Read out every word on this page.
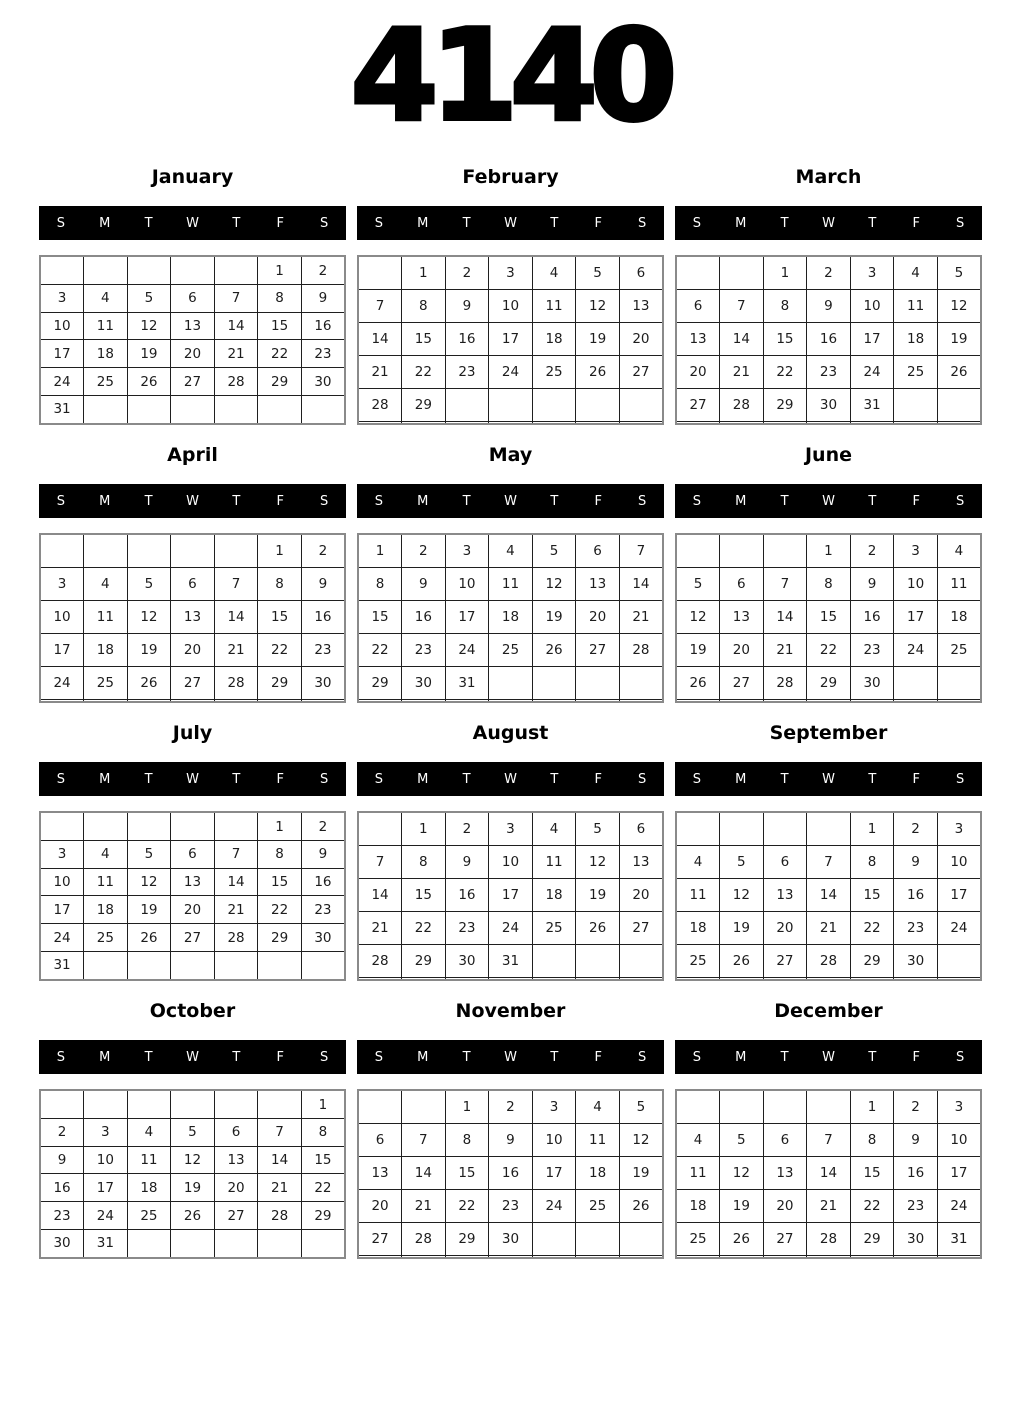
4140
January
S	M	T	W	T	F	S
					1	2
3	4	5	6	7	8	9
10	11	12	13	14	15	16
17	18	19	20	21	22	23
24	25	26	27	28	29	30
31						
February
S	M	T	W	T	F	S
	1	2	3	4	5	6
7	8	9	10	11	12	13
14	15	16	17	18	19	20
21	22	23	24	25	26	27
28	29					

March
S	M	T	W	T	F	S
		1	2	3	4	5
6	7	8	9	10	11	12
13	14	15	16	17	18	19
20	21	22	23	24	25	26
27	28	29	30	31		

April
S	M	T	W	T	F	S
					1	2
3	4	5	6	7	8	9
10	11	12	13	14	15	16
17	18	19	20	21	22	23
24	25	26	27	28	29	30

May
S	M	T	W	T	F	S
1	2	3	4	5	6	7
8	9	10	11	12	13	14
15	16	17	18	19	20	21
22	23	24	25	26	27	28
29	30	31				

June
S	M	T	W	T	F	S
			1	2	3	4
5	6	7	8	9	10	11
12	13	14	15	16	17	18
19	20	21	22	23	24	25
26	27	28	29	30		

July
S	M	T	W	T	F	S
					1	2
3	4	5	6	7	8	9
10	11	12	13	14	15	16
17	18	19	20	21	22	23
24	25	26	27	28	29	30
31						
August
S	M	T	W	T	F	S
	1	2	3	4	5	6
7	8	9	10	11	12	13
14	15	16	17	18	19	20
21	22	23	24	25	26	27
28	29	30	31			

September
S	M	T	W	T	F	S
				1	2	3
4	5	6	7	8	9	10
11	12	13	14	15	16	17
18	19	20	21	22	23	24
25	26	27	28	29	30	

October
S	M	T	W	T	F	S
						1
2	3	4	5	6	7	8
9	10	11	12	13	14	15
16	17	18	19	20	21	22
23	24	25	26	27	28	29
30	31					
November
S	M	T	W	T	F	S
		1	2	3	4	5
6	7	8	9	10	11	12
13	14	15	16	17	18	19
20	21	22	23	24	25	26
27	28	29	30			

December
S	M	T	W	T	F	S
				1	2	3
4	5	6	7	8	9	10
11	12	13	14	15	16	17
18	19	20	21	22	23	24
25	26	27	28	29	30	31
